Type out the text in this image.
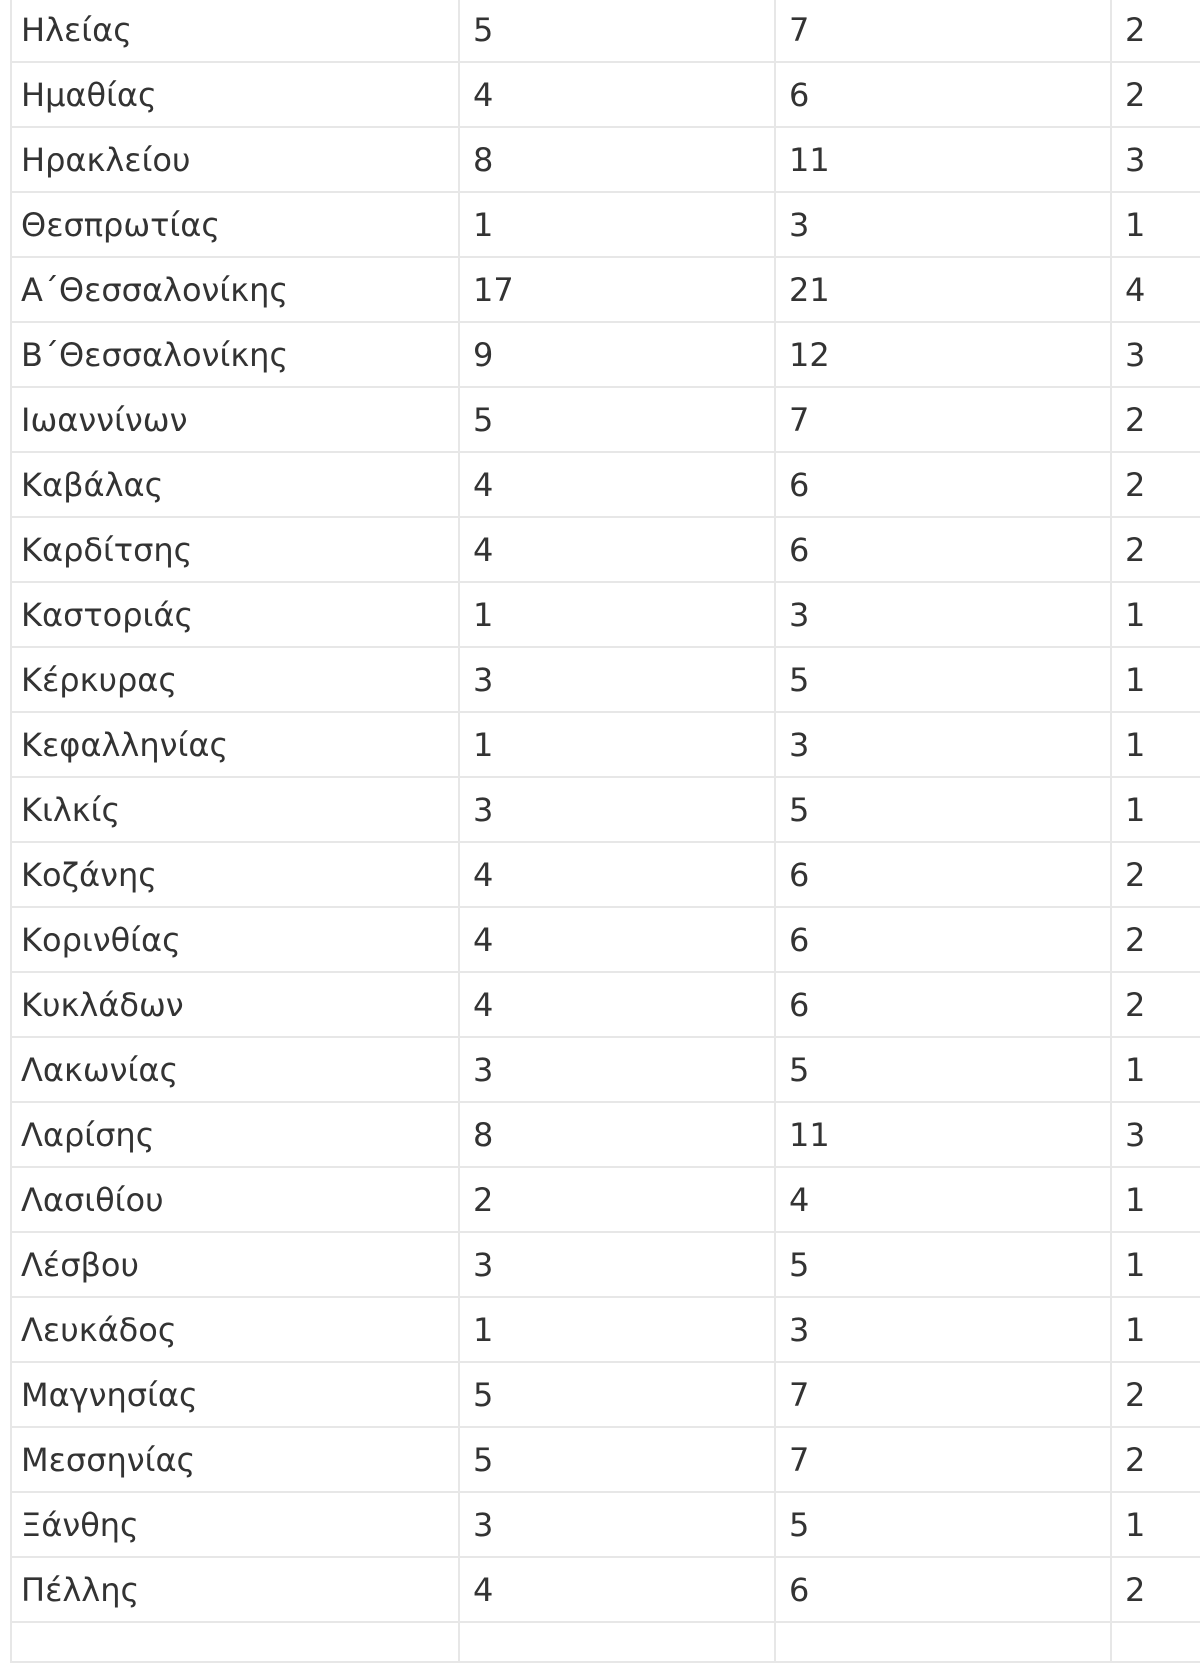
Ηλείας	5	7	2
Ημαθίας	4	6	2
Ηρακλείου	8	11	3
Θεσπρωτίας	1	3	1
Α΄Θεσσαλονίκης	17	21	4
Β΄Θεσσαλονίκης	9	12	3
Ιωαννίνων	5	7	2
Καβάλας	4	6	2
Καρδίτσης	4	6	2
Καστοριάς	1	3	1
Κέρκυρας	3	5	1
Κεφαλληνίας	1	3	1
Κιλκίς	3	5	1
Κοζάνης	4	6	2
Κορινθίας	4	6	2
Κυκλάδων	4	6	2
Λακωνίας	3	5	1
Λαρίσης	8	11	3
Λασιθίου	2	4	1
Λέσβου	3	5	1
Λευκάδος	1	3	1
Μαγνησίας	5	7	2
Μεσσηνίας	5	7	2
Ξάνθης	3	5	1
Πέλλης	4	6	2
